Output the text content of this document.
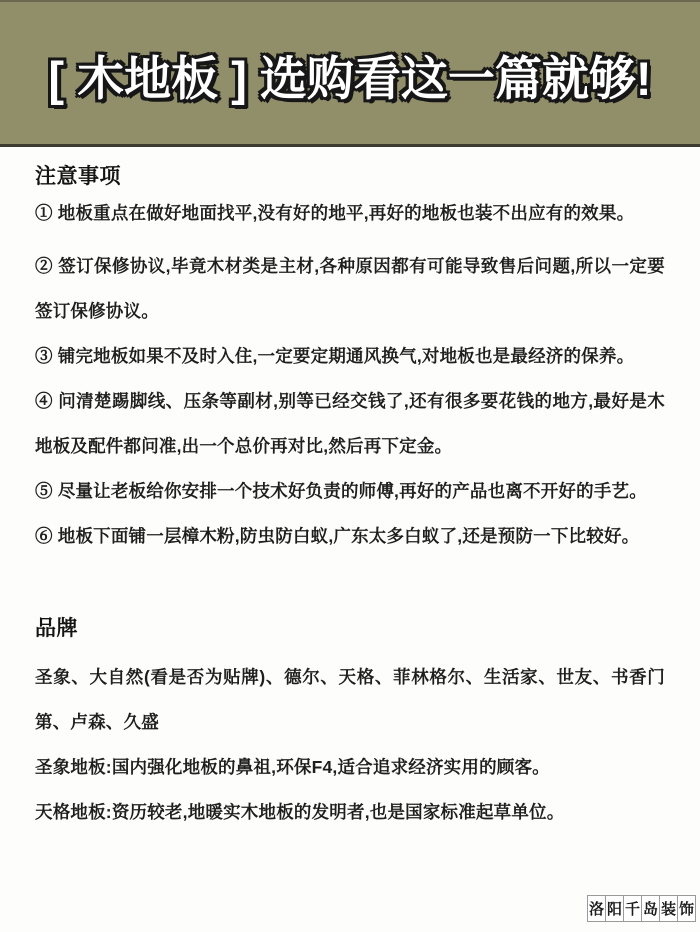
[ 木地板 ] 选购看这一篇就够!
注意事项

① 地板重点在做好地面找平,没有好的地平,再好的地板也装不出应有的效果。

② 签订保修协议,毕竟木材类是主材,各种原因都有可能导致售后问题,所以一定要签订保修协议。

③ 铺完地板如果不及时入住,一定要定期通风换气,对地板也是最经济的保养。

④ 问清楚踢脚线、压条等副材,别等已经交钱了,还有很多要花钱的地方,最好是木地板及配件都问准,出一个总价再对比,然后再下定金。

⑤ 尽量让老板给你安排一个技术好负责的师傅,再好的产品也离不开好的手艺。

⑥ 地板下面铺一层樟木粉,防虫防白蚁,广东太多白蚁了,还是预防一下比较好。

品牌

圣象、大自然(看是否为贴牌)、德尔、天格、菲林格尔、生活家、世友、书香门第、卢森、久盛

圣象地板:国内强化地板的鼻祖,环保F4,适合追求经济实用的顾客。

天格地板:资历较老,地暖实木地板的发明者,也是国家标准起草单位。

洛 阳 千 岛 装 饰
